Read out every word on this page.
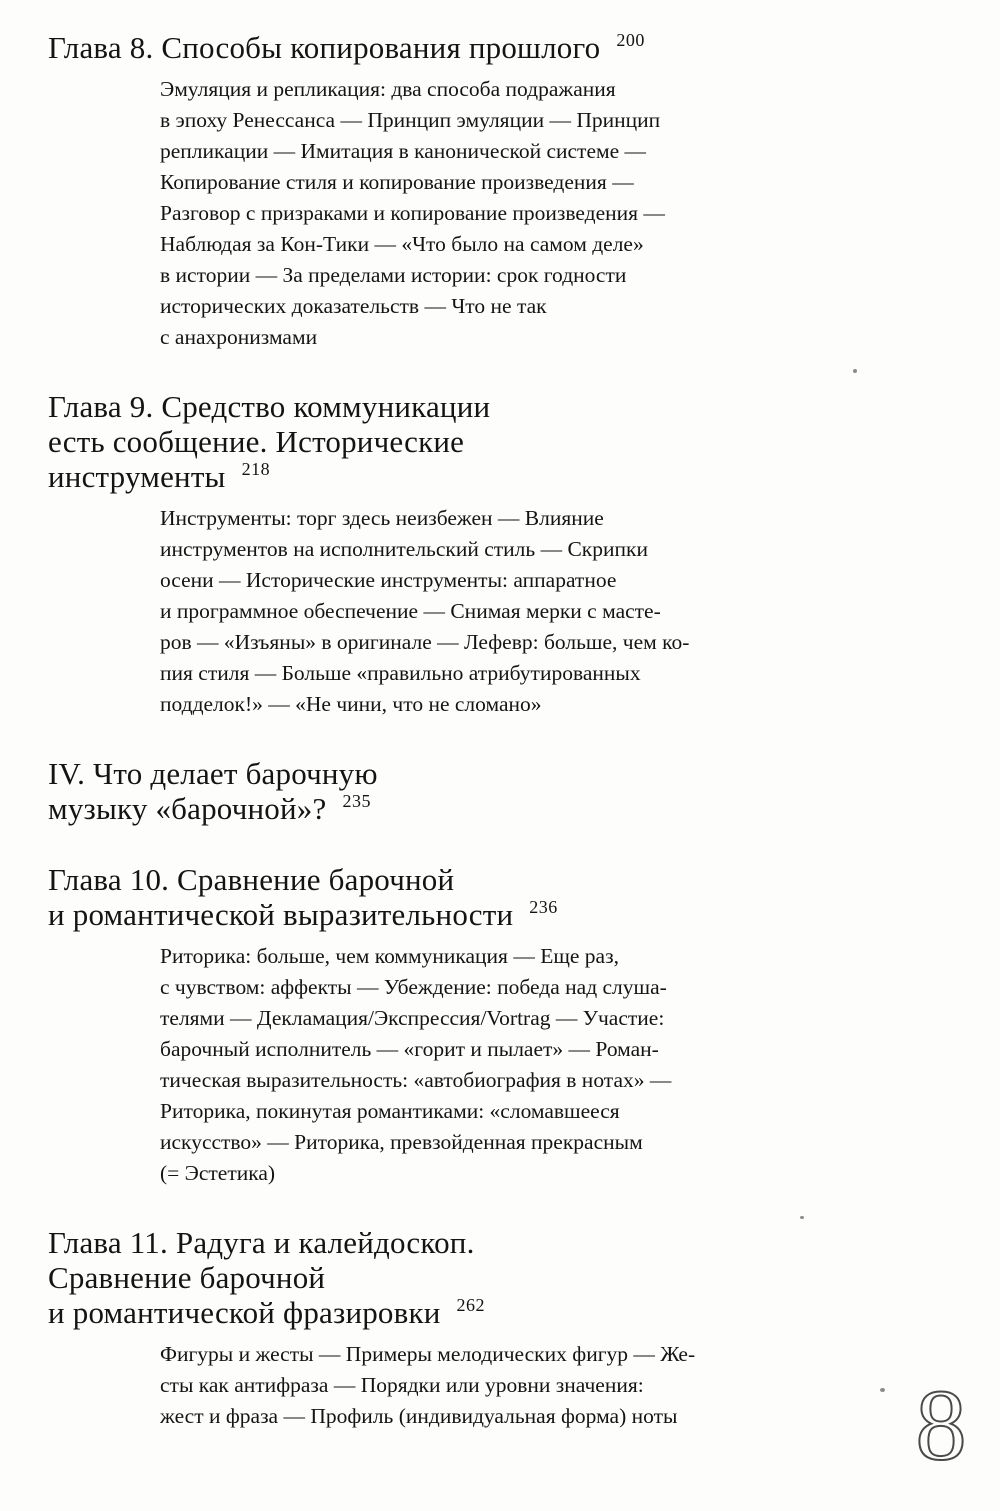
Глава 8. Способы копирования прошлого 200
Эмуляция и репликация: два способа подражания
в эпоху Ренессанса — Принцип эмуляции — Принцип
репликации — Имитация в канонической системе —
Копирование стиля и копирование произведения —
Разговор с призраками и копирование произведения —
Наблюдая за Кон-Тики — «Что было на самом деле»
в истории — За пределами истории: срок годности
исторических доказательств — Что не так
с анахронизмами
Глава 9. Средство коммуникации
есть сообщение. Исторические
инструменты 218
Инструменты: торг здесь неизбежен — Влияние
инструментов на исполнительский стиль — Скрипки
осени — Исторические инструменты: аппаратное
и программное обеспечение — Снимая мерки с масте-
ров — «Изъяны» в оригинале — Лефевр: больше, чем ко-
пия стиля — Больше «правильно атрибутированных
подделок!» — «Не чини, что не сломано»
IV. Что делает барочную
музыку «барочной»? 235
Глава 10. Сравнение барочной
и романтической выразительности 236
Риторика: больше, чем коммуникация — Еще раз,
с чувством: аффекты — Убеждение: победа над слуша-
телями — Декламация/Экспрессия/Vortrag — Участие:
барочный исполнитель — «горит и пылает» — Роман-
тическая выразительность: «автобиография в нотах» —
Риторика, покинутая романтиками: «сломавшееся
искусство» — Риторика, превзойденная прекрасным
(= Эстетика)
Глава 11. Радуга и калейдоскоп.
Сравнение барочной
и романтической фразировки 262
Фигуры и жесты — Примеры мелодических фигур — Же-
сты как антифраза — Порядки или уровни значения:
жест и фраза — Профиль (индивидуальная форма) ноты	8
